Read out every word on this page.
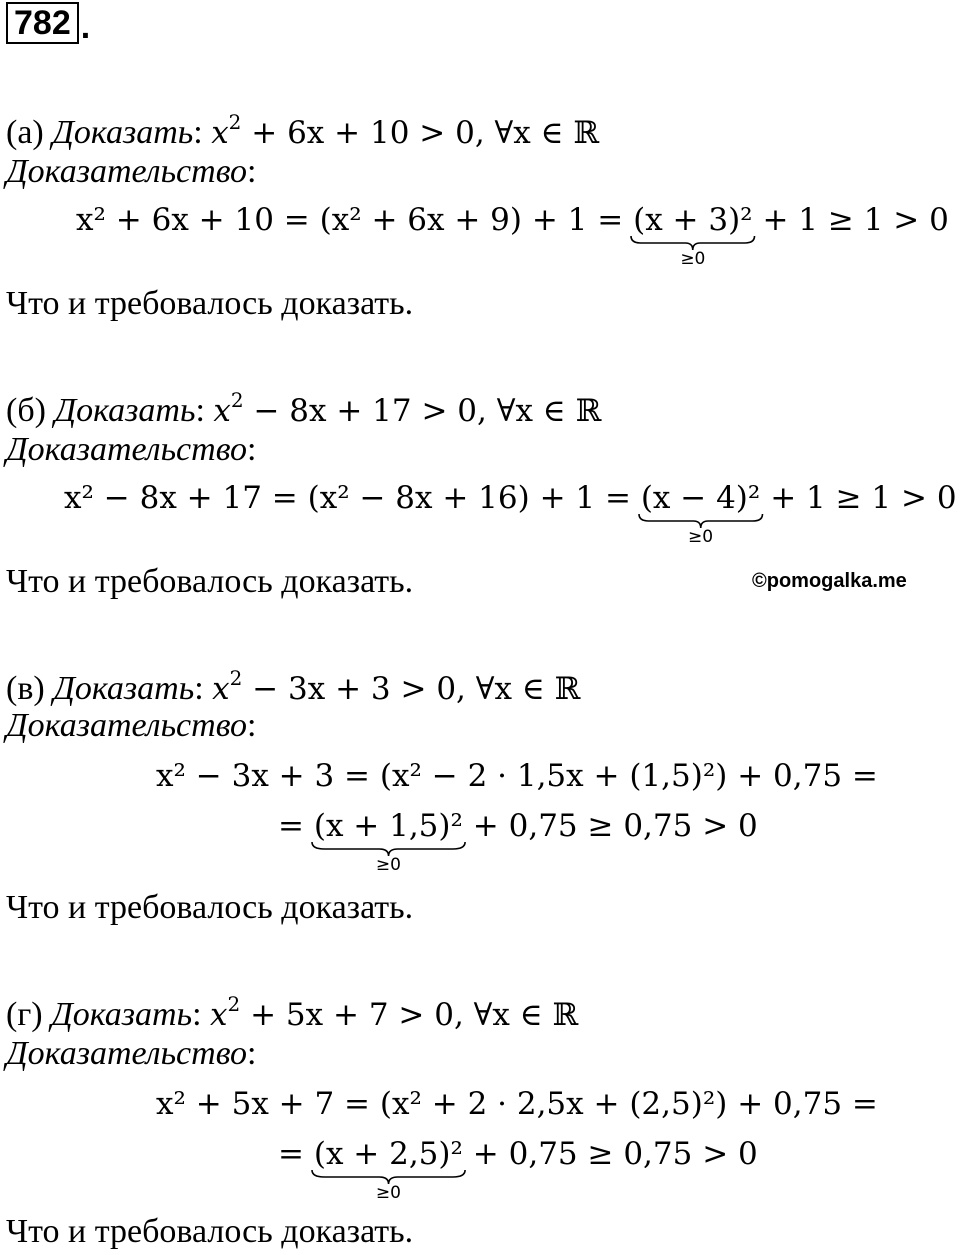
782 .
(а) Доказать: $x^2 + 6x + 10 > 0$, ∀x ∈ ℝ
Доказательство:
x² + 6x + 10 = (x² + 6x + 9) + 1 = (x + 3)²
≥0
+ 1 ≥ 1 > 0
Что и требовалось доказать.
(б) Доказать: $x^2 - 8x + 17 > 0$, ∀x ∈ ℝ
Доказательство:
x² − 8x + 17 = (x² − 8x + 16) + 1 = (x − 4)²
≥0
+ 1 ≥ 1 > 0
Что и требовалось доказать.	©pomogalka.me
(в) Доказать: $x^2 - 3x + 3 > 0$, ∀x ∈ ℝ
Доказательство:
x² − 3x + 3 = (x² − 2 · 1,5x + (1,5)²) + 0,75 =
= (x + 1,5)²
≥0
+ 0,75 ≥ 0,75 > 0
Что и требовалось доказать.
(г) Доказать: $x^2 + 5x + 7 > 0$, ∀x ∈ ℝ
Доказательство:
x² + 5x + 7 = (x² + 2 · 2,5x + (2,5)²) + 0,75 =
= (x + 2,5)²
≥0
+ 0,75 ≥ 0,75 > 0
Что и требовалось доказать.
